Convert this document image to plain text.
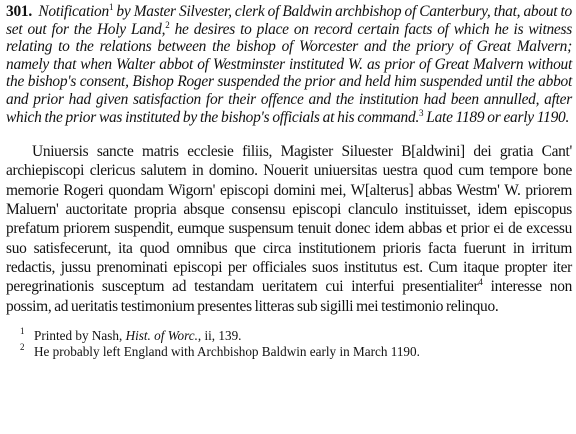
301. Notification$^1$ by Master Silvester, clerk of Baldwin archbishop of Canterbury, that, about to set out for the Holy Land,$^2$ he desires to place on record certain facts of which he is witness relating to the relations between the bishop of Worcester and the priory of Great Malvern; namely that when Walter abbot of Westminster instituted W. as prior of Great Malvern without the bishop's consent, Bishop Roger suspended the prior and held him suspended until the abbot and prior had given satisfaction for their offence and the institution had been annulled, after which the prior was instituted by the bishop's officials at his command.$^3$ Late 1189 or early 1190.

Uniuersis sancte matris ecclesie filiis, Magister Siluester B[aldwini] dei gratia Cant' archiepiscopi clericus salutem in domino. Nouerit uniuersitas uestra quod cum tempore bone memorie Rogeri quondam Wigorn' episcopi domini mei, W[alterus] abbas Westm' W. priorem Maluern' auctoritate propria absque consensu episcopi clanculo instituisset, idem episcopus prefatum priorem suspendit, eumque suspensum tenuit donec idem abbas et prior ei de excessu suo satisfecerunt, ita quod omnibus que circa institutionem prioris facta fuerunt in irritum redactis, jussu prenominati episcopi per officiales suos institutus est. Cum itaque propter iter peregrinationis susceptum ad testandam ueritatem cui interfui presentialiter$^4$ interesse non possim, ad ueritatis testimonium presentes litteras sub sigilli mei testimonio relinquo.

1 Printed by Nash, Hist. of Worc., ii, 139.
2 He probably left England with Archbishop Baldwin early in March 1190.
